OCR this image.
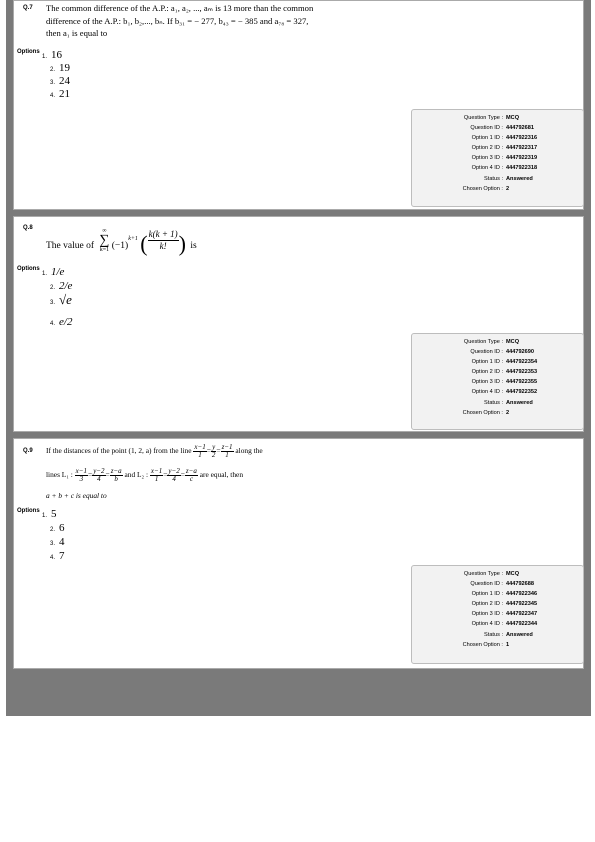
Q.7 The common difference of the A.P.: a₁, a₂, ..., aₘ is 13 more than the common
difference of the A.P.: b₁, b₂,..., bₙ. If b₃₁ = − 277, b₄₃ = − 385 and a₇₈ = 327,
then a₁ is equal to
Options
1. 16
2. 19
3. 24
4. 21
Question Type : MCQ
Question ID : 444792681
Option 1 ID : 4447922316
Option 2 ID : 4447922317
Option 3 ID : 4447922319
Option 4 ID : 4447922318
Status : Answered
Chosen Option : 2
Q.8
The value of
∞
∑
k=1 $(-1)_{k+1}$ ( $\frac{k(k + 1)}{k!}$ ) is
Options
1. 1/e
2. 2/e
3. √e
4. e/2
Question Type : MCQ
Question ID : 444792690
Option 1 ID : 4447922354
Option 2 ID : 4447922353
Option 3 ID : 4447922355
Option 4 ID : 4447922352
Status : Answered
Chosen Option : 2
Q.9 If the distances of the point (1, 2, a) from the line $\frac{x-1}{1} = \frac{y}{2} = \frac{z-1}{1}$ along the
lines L₁ : $\frac{x-1}{3} = \frac{y-2}{4} = \frac{z-a}{b}$ and L₂ : $\frac{x-1}{1} = \frac{y-2}{4} = \frac{z-a}{c}$ are equal, then
a + b + c is equal to
Options
1. 5
2. 6
3. 4
4. 7
Question Type : MCQ
Question ID : 444792688
Option 1 ID : 4447922346
Option 2 ID : 4447922345
Option 3 ID : 4447922347
Option 4 ID : 4447922344
Status : Answered
Chosen Option : 1
